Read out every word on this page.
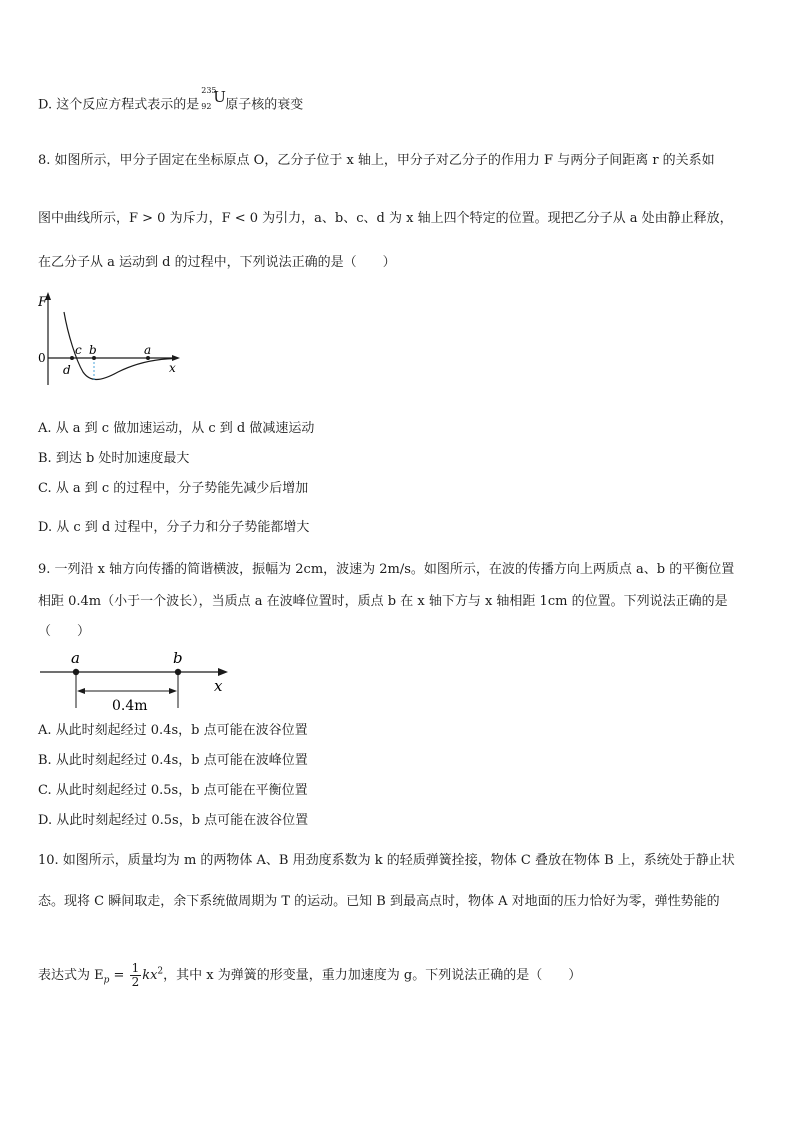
D. 这个反应方程式表示的是
235
92
U 原子核的衰变
8. 如图所示，甲分子固定在坐标原点 O，乙分子位于 x 轴上，甲分子对乙分子的作用力 F 与两分子间距离 r 的关系如
图中曲线所示，F > 0 为斥力，F < 0 为引力，a、b、c、d 为 x 轴上四个特定的位置。现把乙分子从 a 处由静止释放，
在乙分子从 a 运动到 d 的过程中，下列说法正确的是（　　）
F
0
c b	a
d	x
A. 从 a 到 c 做加速运动，从 c 到 d 做减速运动
B. 到达 b 处时加速度最大
C. 从 a 到 c 的过程中，分子势能先减少后增加
D. 从 c 到 d 过程中，分子力和分子势能都增大
9. 一列沿 x 轴方向传播的简谐横波，振幅为 2cm，波速为 2m/s。如图所示，在波的传播方向上两质点 a、b 的平衡位置
相距 0.4m（小于一个波长），当质点 a 在波峰位置时，质点 b 在 x 轴下方与 x 轴相距 1cm 的位置。下列说法正确的是
（　　）
a	b
x
0.4m
A. 从此时刻起经过 0.4s，b 点可能在波谷位置
B. 从此时刻起经过 0.4s，b 点可能在波峰位置
C. 从此时刻起经过 0.5s，b 点可能在平衡位置
D. 从此时刻起经过 0.5s，b 点可能在波谷位置
10. 如图所示，质量均为 m 的两物体 A、B 用劲度系数为 k 的轻质弹簧拴接，物体 C 叠放在物体 B 上，系统处于静止状
态。现将 C 瞬间取走，余下系统做周期为 T 的运动。已知 B 到最高点时，物体 A 对地面的压力恰好为零，弹性势能的
表达式为 $E_p = \frac{1}{2} kx^2$，其中 x 为弹簧的形变量，重力加速度为 g。下列说法正确的是（　　）
